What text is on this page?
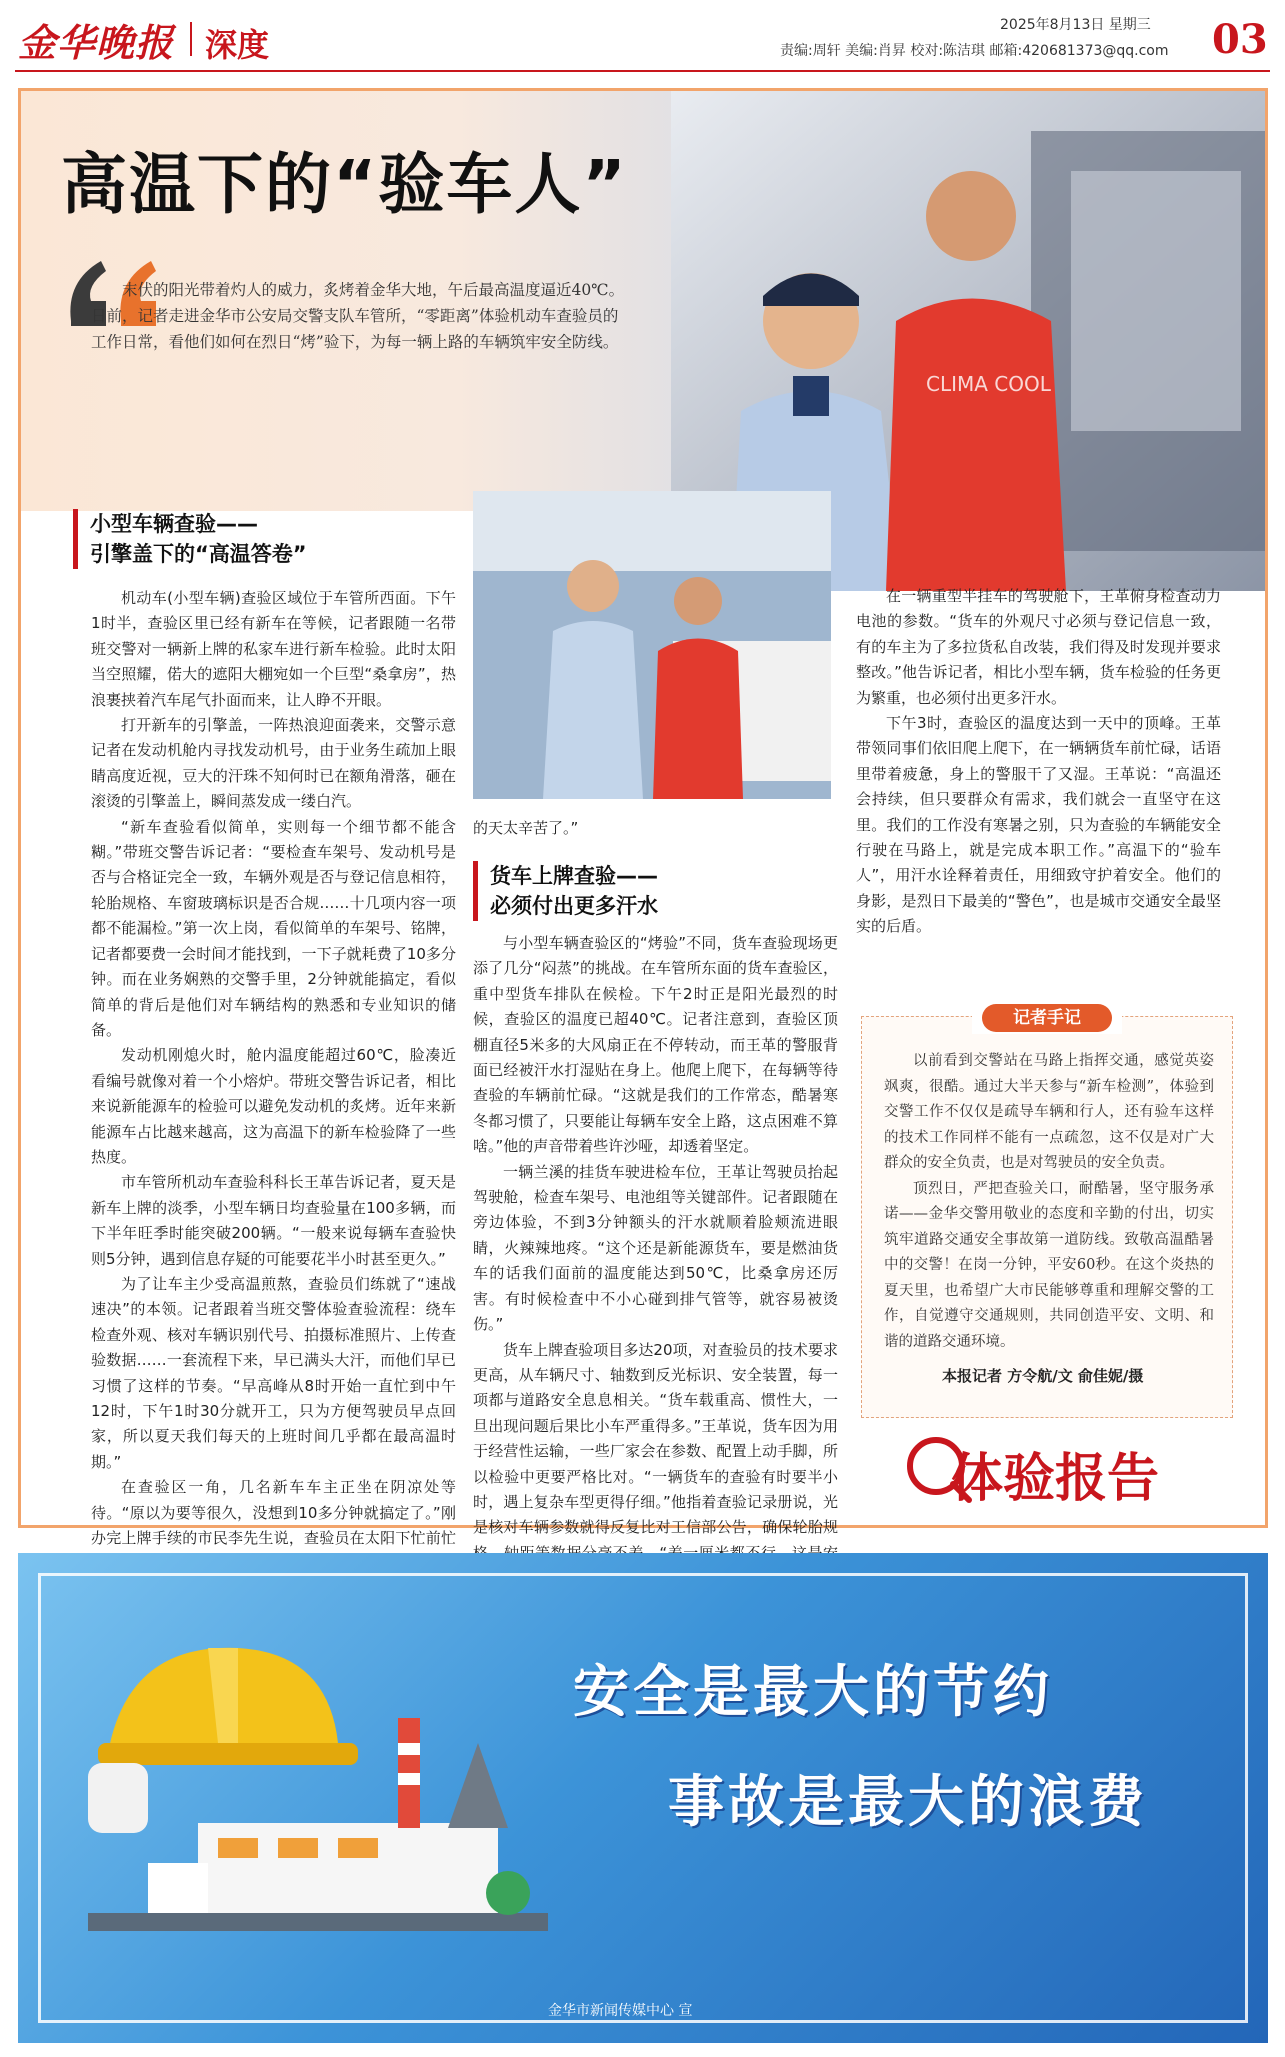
金华晚报 深度
2025年8月13日 星期三
责编:周轩 美编:肖昇 校对:陈洁琪 邮箱:420681373@qq.com 03
CLIMA COOL
高温下的“验车人”
末伏的阳光带着灼人的威力，炙烤着金华大地，午后最高温度逼近40℃。日前，记者走进金华市公安局交警支队车管所，“零距离”体验机动车查验员的工作日常，看他们如何在烈日“烤”验下，为每一辆上路的车辆筑牢安全防线。
小型车辆查验——
引擎盖下的“高温答卷”

机动车(小型车辆)查验区域位于车管所西面。下午1时半，查验区里已经有新车在等候，记者跟随一名带班交警对一辆新上牌的私家车进行新车检验。此时太阳当空照耀，偌大的遮阳大棚宛如一个巨型“桑拿房”，热浪裹挟着汽车尾气扑面而来，让人睁不开眼。

打开新车的引擎盖，一阵热浪迎面袭来，交警示意记者在发动机舱内寻找发动机号，由于业务生疏加上眼睛高度近视，豆大的汗珠不知何时已在额角滑落，砸在滚烫的引擎盖上，瞬间蒸发成一缕白汽。

“新车查验看似简单，实则每一个细节都不能含糊。”带班交警告诉记者：“要检查车架号、发动机号是否与合格证完全一致，车辆外观是否与登记信息相符，轮胎规格、车窗玻璃标识是否合规……十几项内容一项都不能漏检。”第一次上岗，看似简单的车架号、铭牌，记者都要费一会时间才能找到，一下子就耗费了10多分钟。而在业务娴熟的交警手里，2分钟就能搞定，看似简单的背后是他们对车辆结构的熟悉和专业知识的储备。

发动机刚熄火时，舱内温度能超过60℃，脸凑近看编号就像对着一个小熔炉。带班交警告诉记者，相比来说新能源车的检验可以避免发动机的炙烤。近年来新能源车占比越来越高，这为高温下的新车检验降了一些热度。

市车管所机动车查验科科长王革告诉记者，夏天是新车上牌的淡季，小型车辆日均查验量在100多辆，而下半年旺季时能突破200辆。“一般来说每辆车查验快则5分钟，遇到信息存疑的可能要花半小时甚至更久。”

为了让车主少受高温煎熬，查验员们练就了“速战速决”的本领。记者跟着当班交警体验查验流程：绕车检查外观、核对车辆识别代号、拍摄标准照片、上传查验数据……一套流程下来，早已满头大汗，而他们早已习惯了这样的节奏。“早高峰从8时开始一直忙到中午12时，下午1时30分就开工，只为方便驾驶员早点回家，所以夏天我们每天的上班时间几乎都在最高温时期。”

在查验区一角，几名新车车主正坐在阴凉处等待。“原以为要等很久，没想到10多分钟就搞定了。”刚办完上牌手续的市民李先生说，查验员在太阳下忙前忙

的天太辛苦了。”

货车上牌查验——
必须付出更多汗水

与小型车辆查验区的“烤验”不同，货车查验现场更添了几分“闷蒸”的挑战。在车管所东面的货车查验区，重中型货车排队在候检。下午2时正是阳光最烈的时候，查验区的温度已超40℃。记者注意到，查验区顶棚直径5米多的大风扇正在不停转动，而王革的警服背面已经被汗水打湿贴在身上。他爬上爬下，在每辆等待查验的车辆前忙碌。“这就是我们的工作常态，酷暑寒冬都习惯了，只要能让每辆车安全上路，这点困难不算啥。”他的声音带着些许沙哑，却透着坚定。

一辆兰溪的挂货车驶进检车位，王革让驾驶员抬起驾驶舱，检查车架号、电池组等关键部件。记者跟随在旁边体验，不到3分钟额头的汗水就顺着脸颊流进眼睛，火辣辣地疼。“这个还是新能源货车，要是燃油货车的话我们面前的温度能达到50℃，比桑拿房还厉害。有时候检查中不小心碰到排气管等，就容易被烫伤。”

货车上牌查验项目多达20项，对查验员的技术要求更高，从车辆尺寸、轴数到反光标识、安全装置，每一项都与道路安全息息相关。“货车载重高、惯性大，一旦出现问题后果比小车严重得多。”王革说，货车因为用于经营性运输，一些厂家会在参数、配置上动手脚，所以检验中更要严格比对。“一辆货车的查验有时要半小时，遇上复杂车型更得仔细。”他指着查验记录册说，光是核对车辆参数就得反复比对工信部公告，确保轮胎规

在一辆重型半挂车的驾驶舱下，王革俯身检查动力电池的参数。“货车的外观尺寸必须与登记信息一致，有的车主为了多拉货私自改装，我们得及时发现并要求整改。”他告诉记者，相比小型车辆，货车检验的任务更为繁重，也必须付出更多汗水。

下午3时，查验区的温度达到一天中的顶峰。王革带领同事们依旧爬上爬下，在一辆辆货车前忙碌，话语里带着疲惫，身上的警服干了又湿。王革说：“高温还会持续，但只要群众有需求，我们就会一直坚守在这里。我们的工作没有寒暑之别，只为查验的车辆能安全行驶在马路上，就是完成本职工作。”高温下的“验车人”，用汗水诠释着责任，用细致守护着安全。他们的身影，是烈日下最美的“警色”，也是城市交通安全最坚实的后盾。

记者手记

以前看到交警站在马路上指挥交通，感觉英姿飒爽，很酷。通过大半天参与“新车检测”，体验到交警工作不仅仅是疏导车辆和行人，还有验车这样的技术工作同样不能有一点疏忽，这不仅是对广大群众的安全负责，也是对驾驶员的安全负责。

顶烈日，严把查验关口，耐酷暑，坚守服务承诺——金华交警用敬业的态度和辛勤的付出，切实筑牢道路交通安全事故第一道防线。致敬高温酷暑中的交警！在岗一分钟，平安60秒。在这个炎热的夏天里，也希望广大市民能够尊重和理解交警的工作，自觉遵守交通规则，共同创造平安、文明、和谐的道路交通环境。

本报记者 方令航/文 俞佳妮/摄
体验报告
安全是最大的节约
事故是最大的浪费
金华市新闻传媒中心 宣
